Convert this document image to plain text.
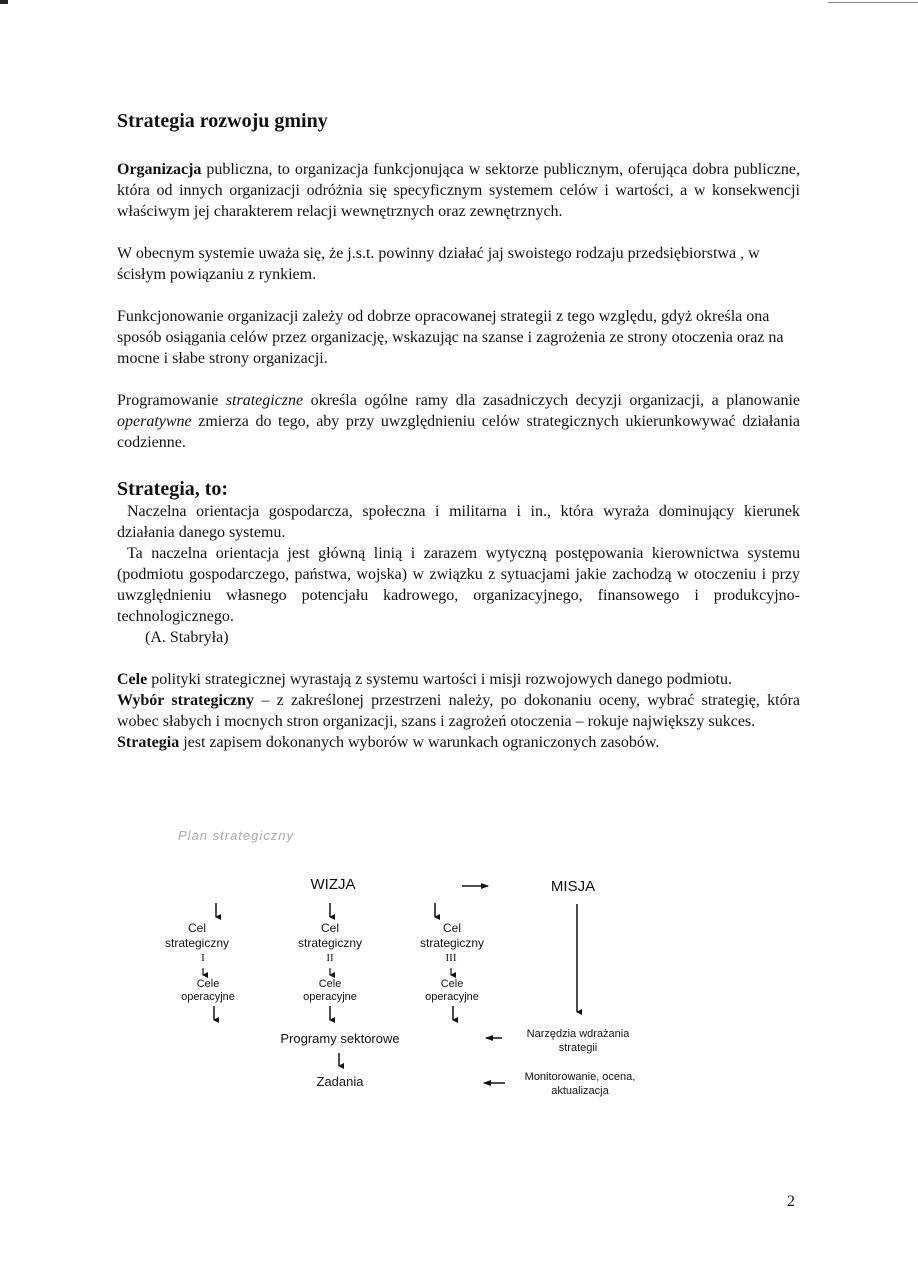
Strategia rozwoju gminy

Organizacja publiczna, to organizacja funkcjonująca w sektorze publicznym, oferująca dobra publiczne, która od innych organizacji odróżnia się specyficznym systemem celów i wartości, a w konsekwencji właściwym jej charakterem relacji wewnętrznych oraz zewnętrznych.

W obecnym systemie uważa się, że j.s.t. powinny działać jaj swoistego rodzaju przedsiębiorstwa , w ścisłym powiązaniu z rynkiem.

Funkcjonowanie organizacji zależy od dobrze opracowanej strategii z tego względu, gdyż określa ona sposób osiągania celów przez organizację, wskazując na szanse i zagrożenia ze strony otoczenia oraz na mocne i słabe strony organizacji.

Programowanie strategiczne określa ogólne ramy dla zasadniczych decyzji organizacji, a planowanie operatywne zmierza do tego, aby przy uwzględnieniu celów strategicznych ukierunkowywać działania codzienne.

Strategia, to:

Naczelna orientacja gospodarcza, społeczna i militarna i in., która wyraża dominujący kierunek działania danego systemu.

Ta naczelna orientacja jest główną linią i zarazem wytyczną postępowania kierownictwa systemu (podmiotu gospodarczego, państwa, wojska) w związku z sytuacjami jakie zachodzą w otoczeniu i przy uwzględnieniu własnego potencjału kadrowego, organizacyjnego, finansowego i produkcyjno-technologicznego.

(A. Stabryła)

Cele polityki strategicznej wyrastają z systemu wartości i misji rozwojowych danego podmiotu.

Wybór strategiczny – z zakreślonej przestrzeni należy, po dokonaniu oceny, wybrać strategię, która wobec słabych i mocnych stron organizacji, szans i zagrożeń otoczenia – rokuje największy sukces.

Strategia jest zapisem dokonanych wyborów w warunkach ograniczonych zasobów.

Plan strategiczny
WIZJA	MISJA
Cel
strategiczny
I
Cele
operacyjne
Cel
strategiczny
II
Cele
operacyjne
Cel
strategiczny
III
Cele
operacyjne
Programy sektorowe
Zadania
Narzędzia wdrażania strategii
Monitorowanie, ocena, aktualizacja
2
